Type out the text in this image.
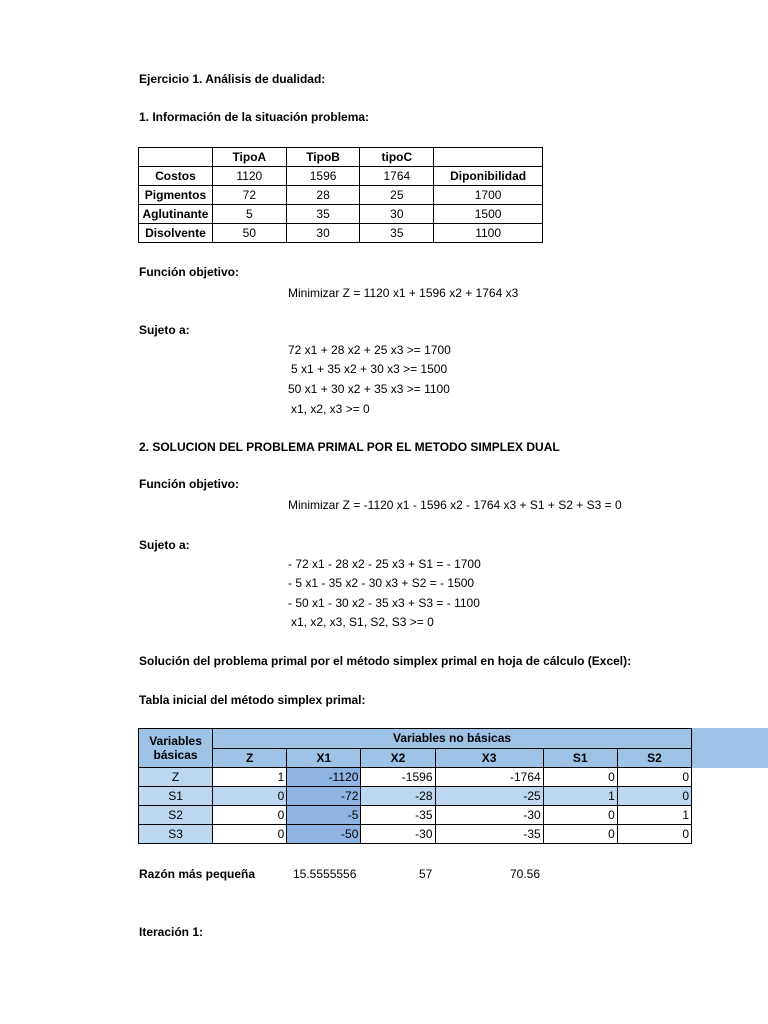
Ejercicio 1. Análisis de dualidad:
1. Información de la situación problema:
	TipoA	TipoB	tipoC	
Costos	1120	1596	1764	Diponibilidad
Pigmentos	72	28	25	1700
Aglutinante	5	35	30	1500
Disolvente	50	30	35	1100
Función objetivo:
Minimizar Z = 1120 x1 + 1596 x2 + 1764 x3
Sujeto a:
72 x1 + 28 x2 + 25 x3 >= 1700
5 x1 + 35 x2 + 30 x3 >= 1500
50 x1 + 30 x2 + 35 x3 >= 1100
x1, x2, x3 >= 0
2. SOLUCION DEL PROBLEMA PRIMAL POR EL METODO SIMPLEX DUAL
Función objetivo:
Minimizar Z = -1120 x1 - 1596 x2 - 1764 x3 + S1 + S2 + S3 = 0
Sujeto a:
- 72 x1 - 28 x2 - 25 x3 + S1 = - 1700
- 5 x1 - 35 x2 - 30 x3 + S2 = - 1500
- 50 x1 - 30 x2 - 35 x3 + S3 = - 1100
x1, x2, x3, S1, S2, S3 >= 0
Solución del problema primal por el método simplex primal en hoja de cálculo (Excel):
Tabla inicial del método simplex primal:
Variables básicas	Variables no básicas					
	Z	X1	X2	X3	S1	S2
Z	1	-1120	-1596	-1764	0	0
S1	0	-72	-28	-25	1	0
S2	0	-5	-35	-30	0	1
S3	0	-50	-30	-35	0	0
Razón más pequeña	15.5555556	57	70.56
Iteración 1:
